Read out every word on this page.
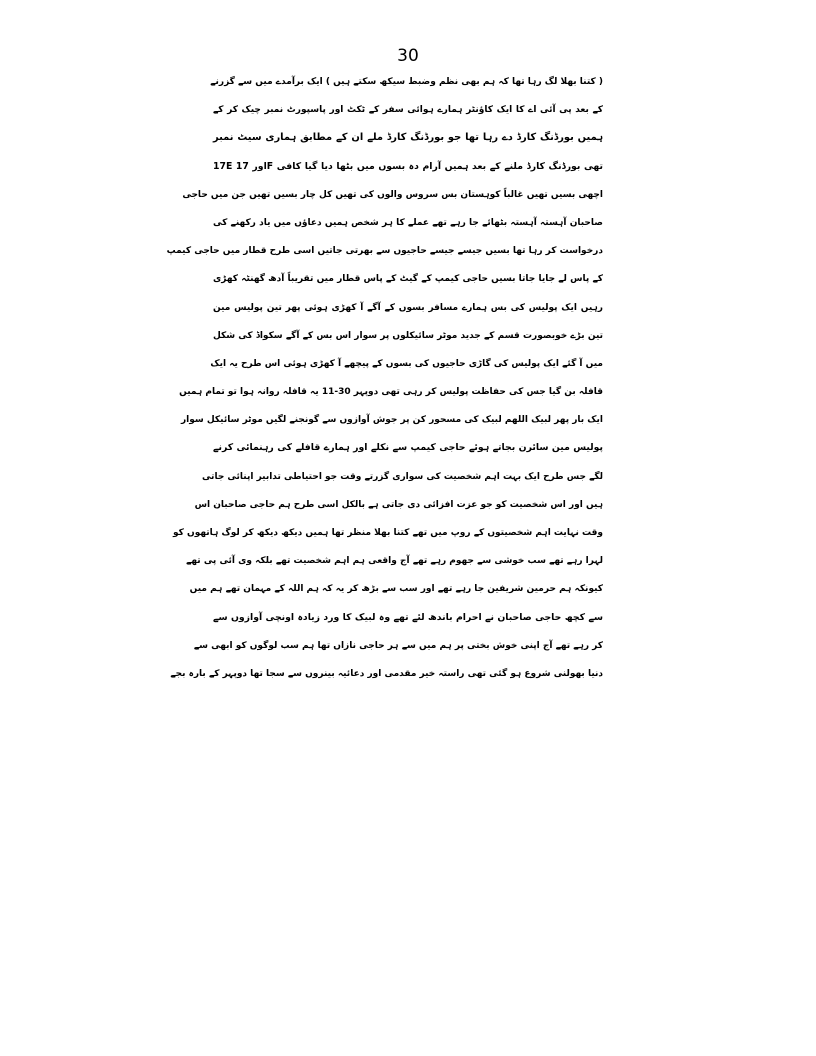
30
( کتنا بھلا لگ رہا تھا کہ ہم بھی نظم وضبط سیکھ سکتے ہیں ) ایک برآمدے میں سے گزرنے
کے بعد پی آئی اے کا ایک کاؤنٹر ہمارے ہوائی سفر کے ٹکٹ اور پاسپورٹ نمبر چیک کر کے
ہمیں بورڈنگ کارڈ دے رہا تھا جو بورڈنگ کارڈ ملے ان کے مطابق ہماری سیٹ نمبر
17E اور 17F تھی بورڈنگ کارڈ ملنے کے بعد ہمیں آرام دہ بسوں میں بٹھا دیا گیا کافی
اچھی بسیں تھیں غالباً کوہستان بس سروس والوں کی تھیں کل چار بسیں تھیں جن میں حاجی
صاحبان آہستہ آہستہ بٹھائے جا رہے تھے عملے کا ہر شخص ہمیں دعاؤں میں یاد رکھنے کی
درخواست کر رہا تھا بسیں جیسے جیسے حاجیوں سے بھرتی جاتیں اسی طرح قطار میں حاجی کیمپ
کے پاس لے جایا جاتا بسیں حاجی کیمپ کے گیٹ کے پاس قطار میں تقریباً آدھ گھنٹہ کھڑی
رہیں ایک پولیس کی بس ہمارے مسافر بسوں کے آگے آ کھڑی ہوئی پھر تین پولیس مین
تین بڑے خوبصورت قسم کے جدید موٹر سائیکلوں پر سوار اس بس کے آگے سکواڈ کی شکل
میں آ گئے ایک پولیس کی گاڑی حاجیوں کی بسوں کے پیچھے آ کھڑی ہوئی اس طرح یہ ایک
قافلہ بن گیا جس کی حفاظت پولیس کر رہی تھی دوپہر 30-11 یہ قافلہ روانہ ہوا تو تمام ہمیں
ایک بار پھر لبیک اللھم لبیک کی مسحور کن پر جوش آوازوں سے گونجنے لگیں موٹر سائیکل سوار
پولیس مین سائرن بجاتے ہوئے حاجی کیمپ سے نکلے اور ہمارے قافلے کی رہنمائی کرنے
لگے جس طرح ایک بہت اہم شخصیت کی سواری گزرتے وقت جو احتیاطی تدابیر اپنائی جاتی
ہیں اور اس شخصیت کو جو عزت افزائی دی جاتی ہے بالکل اسی طرح ہم حاجی صاحبان اس
وقت نہایت اہم شخصیتوں کے روپ میں تھے کتنا بھلا منظر تھا ہمیں دیکھ دیکھ کر لوگ ہاتھوں کو
لہرا رہے تھے سب خوشی سے جھوم رہے تھے آج واقعی ہم اہم شخصیت تھے بلکہ وی آئی پی تھے
کیونکہ ہم حرمین شریفین جا رہے تھے اور سب سے بڑھ کر یہ کہ ہم اللہ کے مہمان تھے ہم میں
سے کچھ حاجی صاحبان نے احرام باندھ لئے تھے وہ لبیک کا ورد زیادہ اونچی آوازوں سے
کر رہے تھے آج اپنی خوش بختی پر ہم میں سے ہر حاجی نازاں تھا ہم سب لوگوں کو ابھی سے
دنیا بھولنی شروع ہو گئی تھی راستہ خیر مقدمی اور دعائیہ بینروں سے سجا تھا دوپہر کے بارہ بجے
